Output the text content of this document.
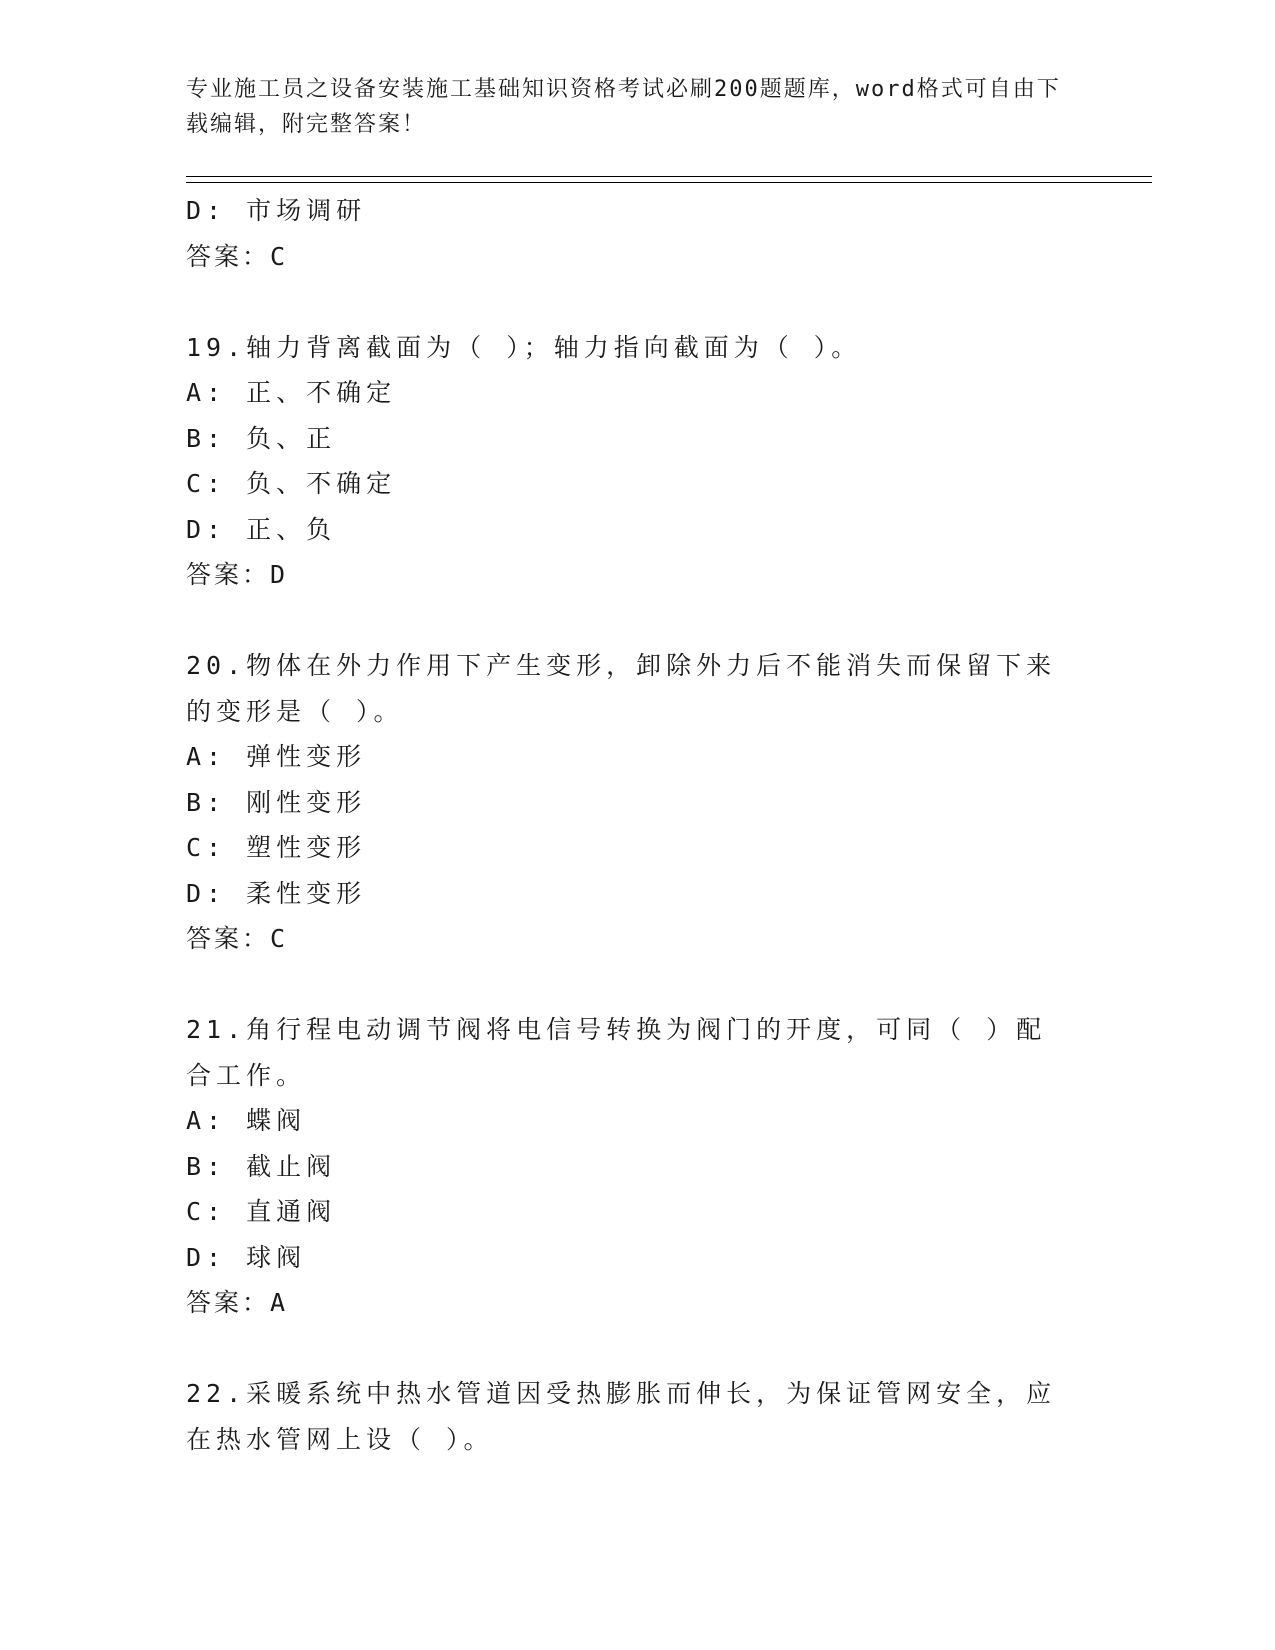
专业施工员之设备安装施工基础知识资格考试必刷200题题库，word格式可自由下载编辑，附完整答案！
D: 市场调研
答案：C
19.轴力背离截面为（ ）；轴力指向截面为（ ）。
A: 正、不确定
B: 负、正
C: 负、不确定
D: 正、负
答案：D
20.物体在外力作用下产生变形，卸除外力后不能消失而保留下来的变形是（ ）。
A: 弹性变形
B: 刚性变形
C: 塑性变形
D: 柔性变形
答案：C
21.角行程电动调节阀将电信号转换为阀门的开度，可同（ ）配合工作。
A: 蝶阀
B: 截止阀
C: 直通阀
D: 球阀
答案：A
22.采暖系统中热水管道因受热膨胀而伸长，为保证管网安全，应在热水管网上设（ ）。
